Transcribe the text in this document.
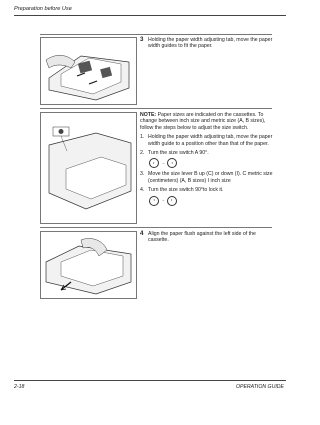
Preparation before Use
3 Holding the paper width adjusting tab, move the paper width guides to fit the paper.
NOTE: Paper sizes are indicated on the cassettes. To change between inch size and metric size (A, B sizes), follow the steps below to adjust the size switch.
1. Holding the paper width adjusting tab, move the paper width guide to a position other than that of the paper.
2. Turn the size switch A 90°.
◐	→	◑
3. Move the size lever B up (C) or down (I). C metric size (centimeters) (A, B sizes) I inch size
4. Turn the size switch 90°to lock it.
◑	→	◐
4 Align the paper flush against the left side of the cassette.
2-18	OPERATION GUIDE
